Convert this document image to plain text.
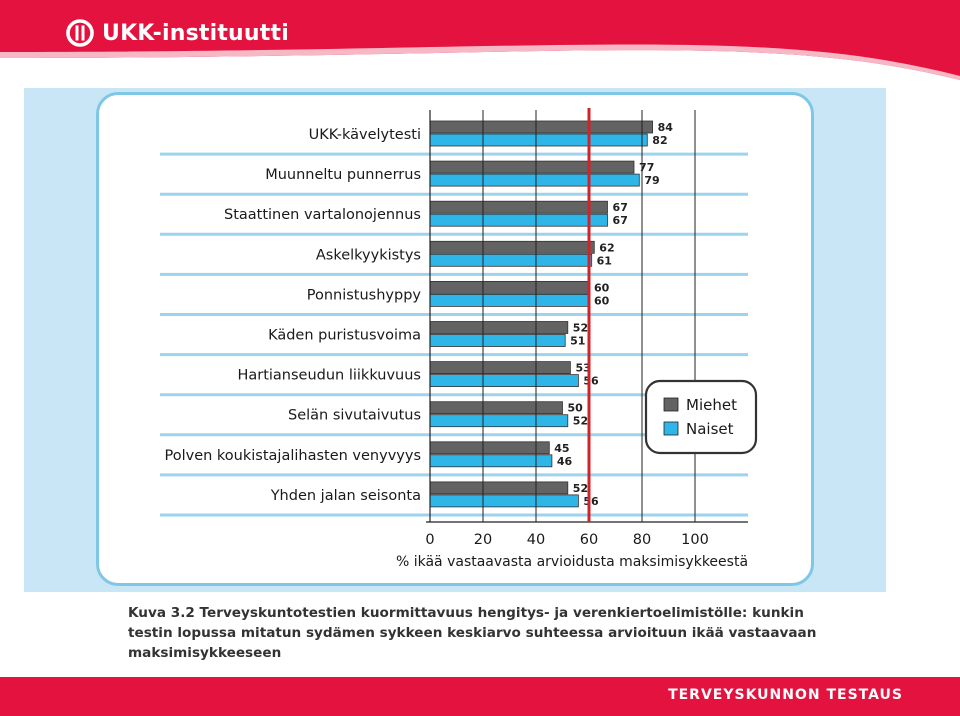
UKK-instituutti
84
82
77
79
67
67
62
61
60
60
52
51
53
56
50
52
45
46
52
56
UKK-kävelytesti
Muunneltu punnerrus
Staattinen vartalonojennus
Askelkyykistys
Ponnistushyppy
Käden puristusvoima
Hartianseudun liikkuvuus
Selän sivutaivutus
Polven koukistajalihasten venyvyys
Yhden jalan seisonta
0	20 40 60 80 100
% ikää vastaavasta arvioidusta maksimisykkeestä
Miehet
Naiset
Kuva 3.2 Terveyskuntotestien kuormittavuus hengitys- ja verenkiertoelimistölle: kunkin testin lopussa mitatun sydämen sykkeen keskiarvo suhteessa arvioituun ikää vastaavaan maksimisykkeeseen
TERVEYSKUNNON TESTAUS
